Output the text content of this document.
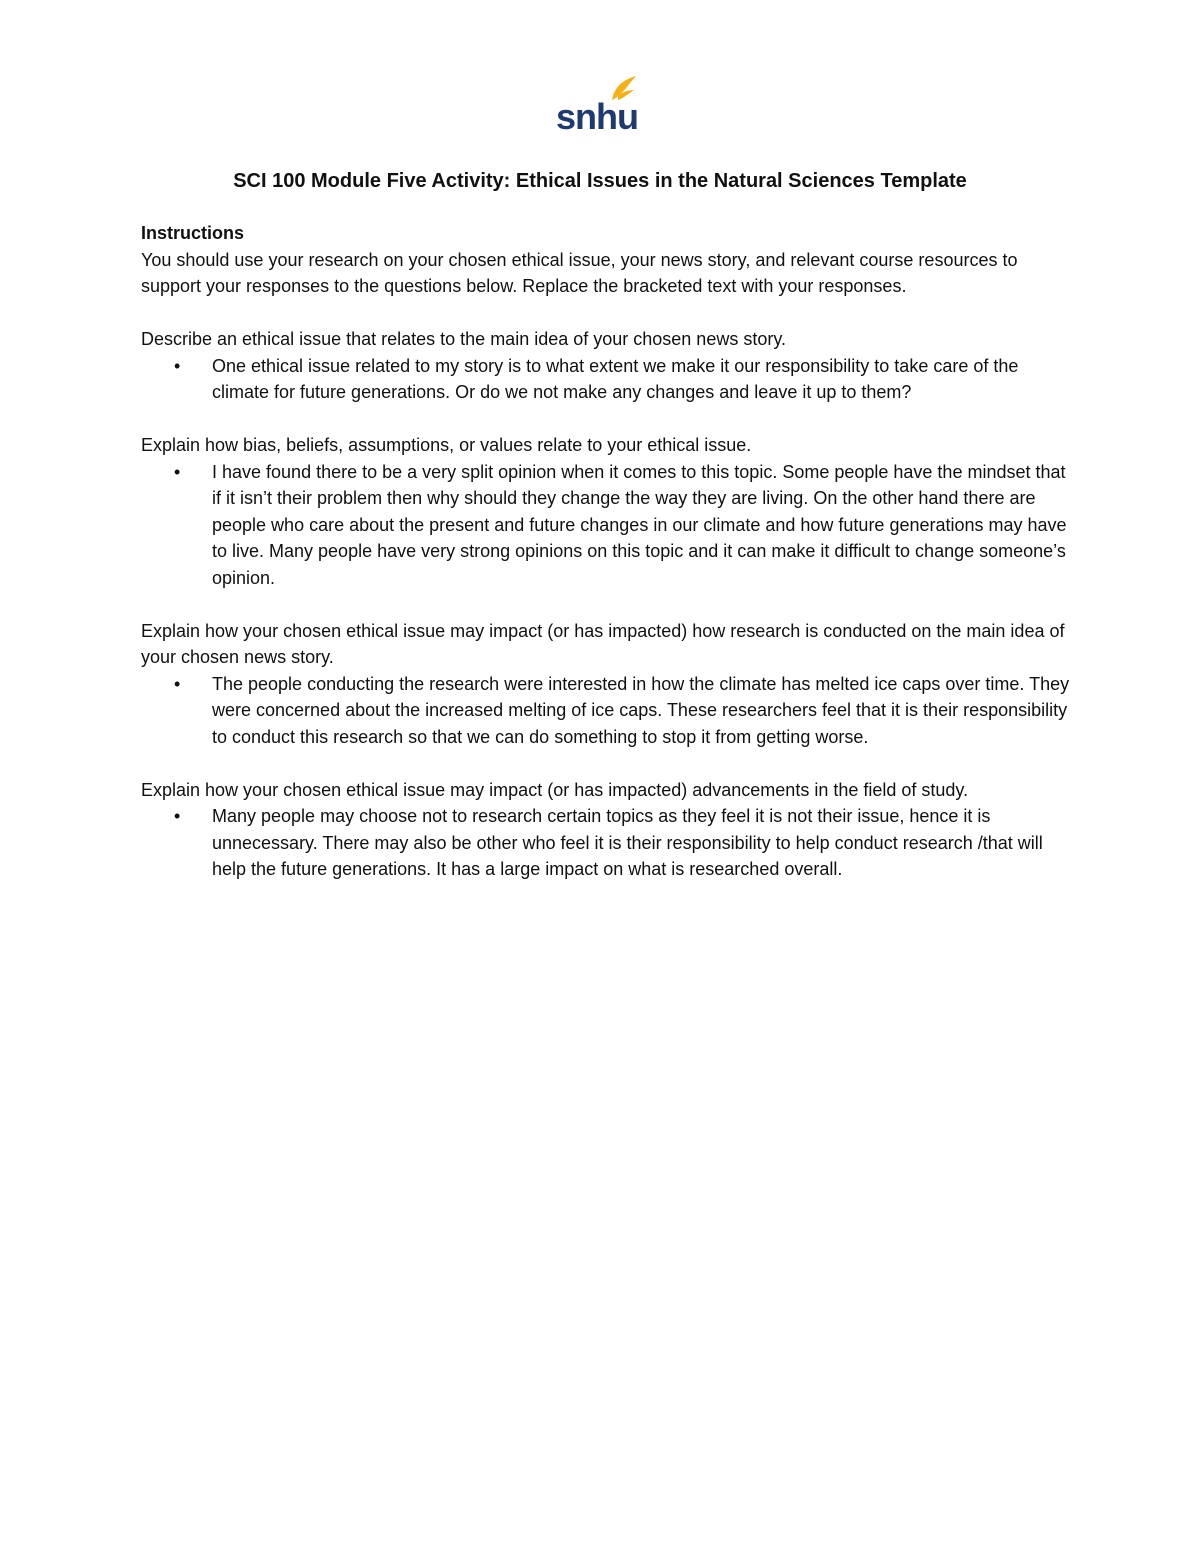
snhu
SCI 100 Module Five Activity: Ethical Issues in the Natural Sciences Template

Instructions

You should use your research on your chosen ethical issue, your news story, and relevant course resources to support your responses to the questions below. Replace the bracketed text with your responses.

Describe an ethical issue that relates to the main idea of your chosen news story.

• One ethical issue related to my story is to what extent we make it our responsibility to take care of the climate for future generations. Or do we not make any changes and leave it up to them?

Explain how bias, beliefs, assumptions, or values relate to your ethical issue.

• I have found there to be a very split opinion when it comes to this topic. Some people have the mindset that if it isn’t their problem then why should they change the way they are living. On the other hand there are people who care about the present and future changes in our climate and how future generations may have to live. Many people have very strong opinions on this topic and it can make it difficult to change someone’s opinion.

Explain how your chosen ethical issue may impact (or has impacted) how research is conducted on the main idea of your chosen news story.

• The people conducting the research were interested in how the climate has melted ice caps over time. They were concerned about the increased melting of ice caps. These researchers feel that it is their responsibility to conduct this research so that we can do something to stop it from getting worse.

Explain how your chosen ethical issue may impact (or has impacted) advancements in the field of study.

• Many people may choose not to research certain topics as they feel it is not their issue, hence it is unnecessary. There may also be other who feel it is their responsibility to help conduct research /that will help the future generations. It has a large impact on what is researched overall.
